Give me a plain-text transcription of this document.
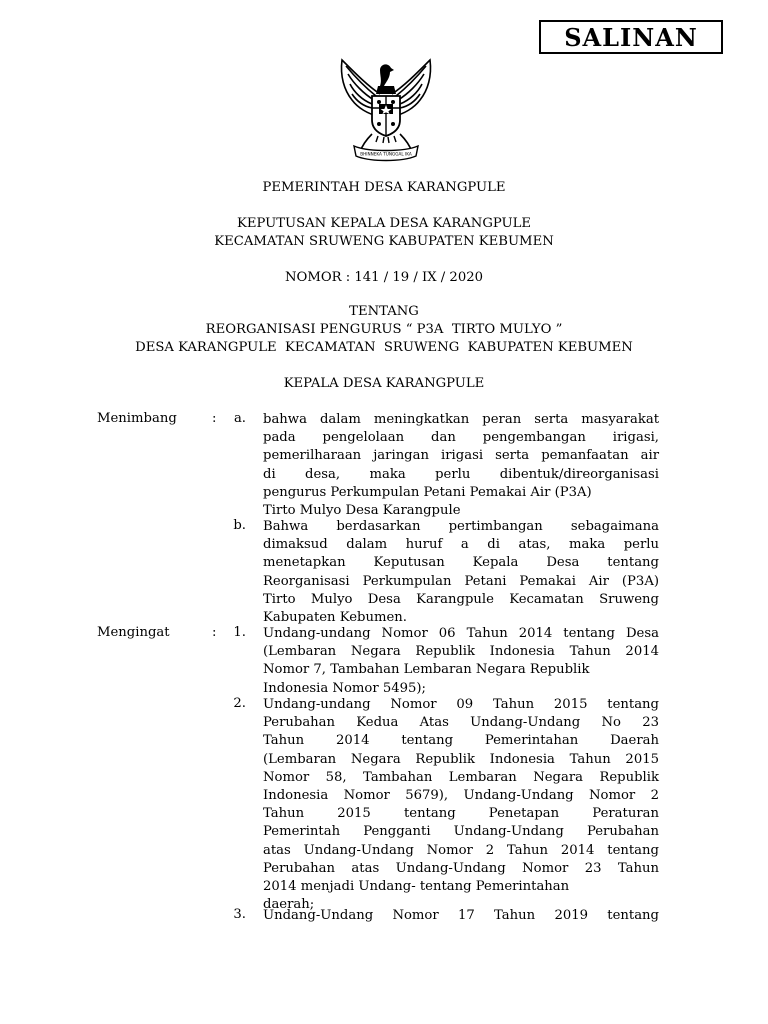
SALINAN
BHINNEKA TUNGGAL IKA
PEMERINTAH DESA KARANGPULE
KEPUTUSAN KEPALA DESA KARANGPULE
KECAMATAN SRUWENG KABUPATEN KEBUMEN
NOMOR : 141 / 19 / IX / 2020
TENTANG
REORGANISASI PENGURUS “ P3A  TIRTO MULYO ”
DESA KARANGPULE  KECAMATAN  SRUWENG  KABUPATEN KEBUMEN
KEPALA DESA KARANGPULE
Menimbang	:	a. bahwa dalam meningkatkan peran serta masyarakat
pada pengelolaan dan pengembangan irigasi,
pemerilharaan jaringan irigasi serta pemanfaatan air
di desa, maka perlu dibentuk/direorganisasi
pengurus Perkumpulan Petani Pemakai Air (P3A)
Tirto Mulyo Desa Karangpule
b. Bahwa berdasarkan pertimbangan sebagaimana
dimaksud dalam huruf a di atas, maka perlu
menetapkan Keputusan Kepala Desa tentang
Reorganisasi Perkumpulan Petani Pemakai Air (P3A)
Tirto Mulyo Desa Karangpule Kecamatan Sruweng
Kabupaten Kebumen.
Mengingat	:	1. Undang-undang Nomor 06 Tahun 2014 tentang Desa
(Lembaran Negara Republik Indonesia Tahun 2014
Nomor 7, Tambahan Lembaran Negara Republik
Indonesia Nomor 5495);
2. Undang-undang Nomor 09 Tahun 2015 tentang
Perubahan Kedua Atas Undang-Undang No 23
Tahun 2014 tentang Pemerintahan Daerah
(Lembaran Negara Republik Indonesia Tahun 2015
Nomor 58, Tambahan Lembaran Negara Republik
Indonesia Nomor 5679), Undang-Undang Nomor 2
Tahun 2015 tentang Penetapan Peraturan
Pemerintah Pengganti Undang-Undang Perubahan
atas Undang-Undang Nomor 2 Tahun 2014 tentang
Perubahan atas Undang-Undang Nomor 23 Tahun
2014 menjadi Undang- tentang Pemerintahan
daerah;
3. Undang-Undang Nomor 17 Tahun 2019 tentang
